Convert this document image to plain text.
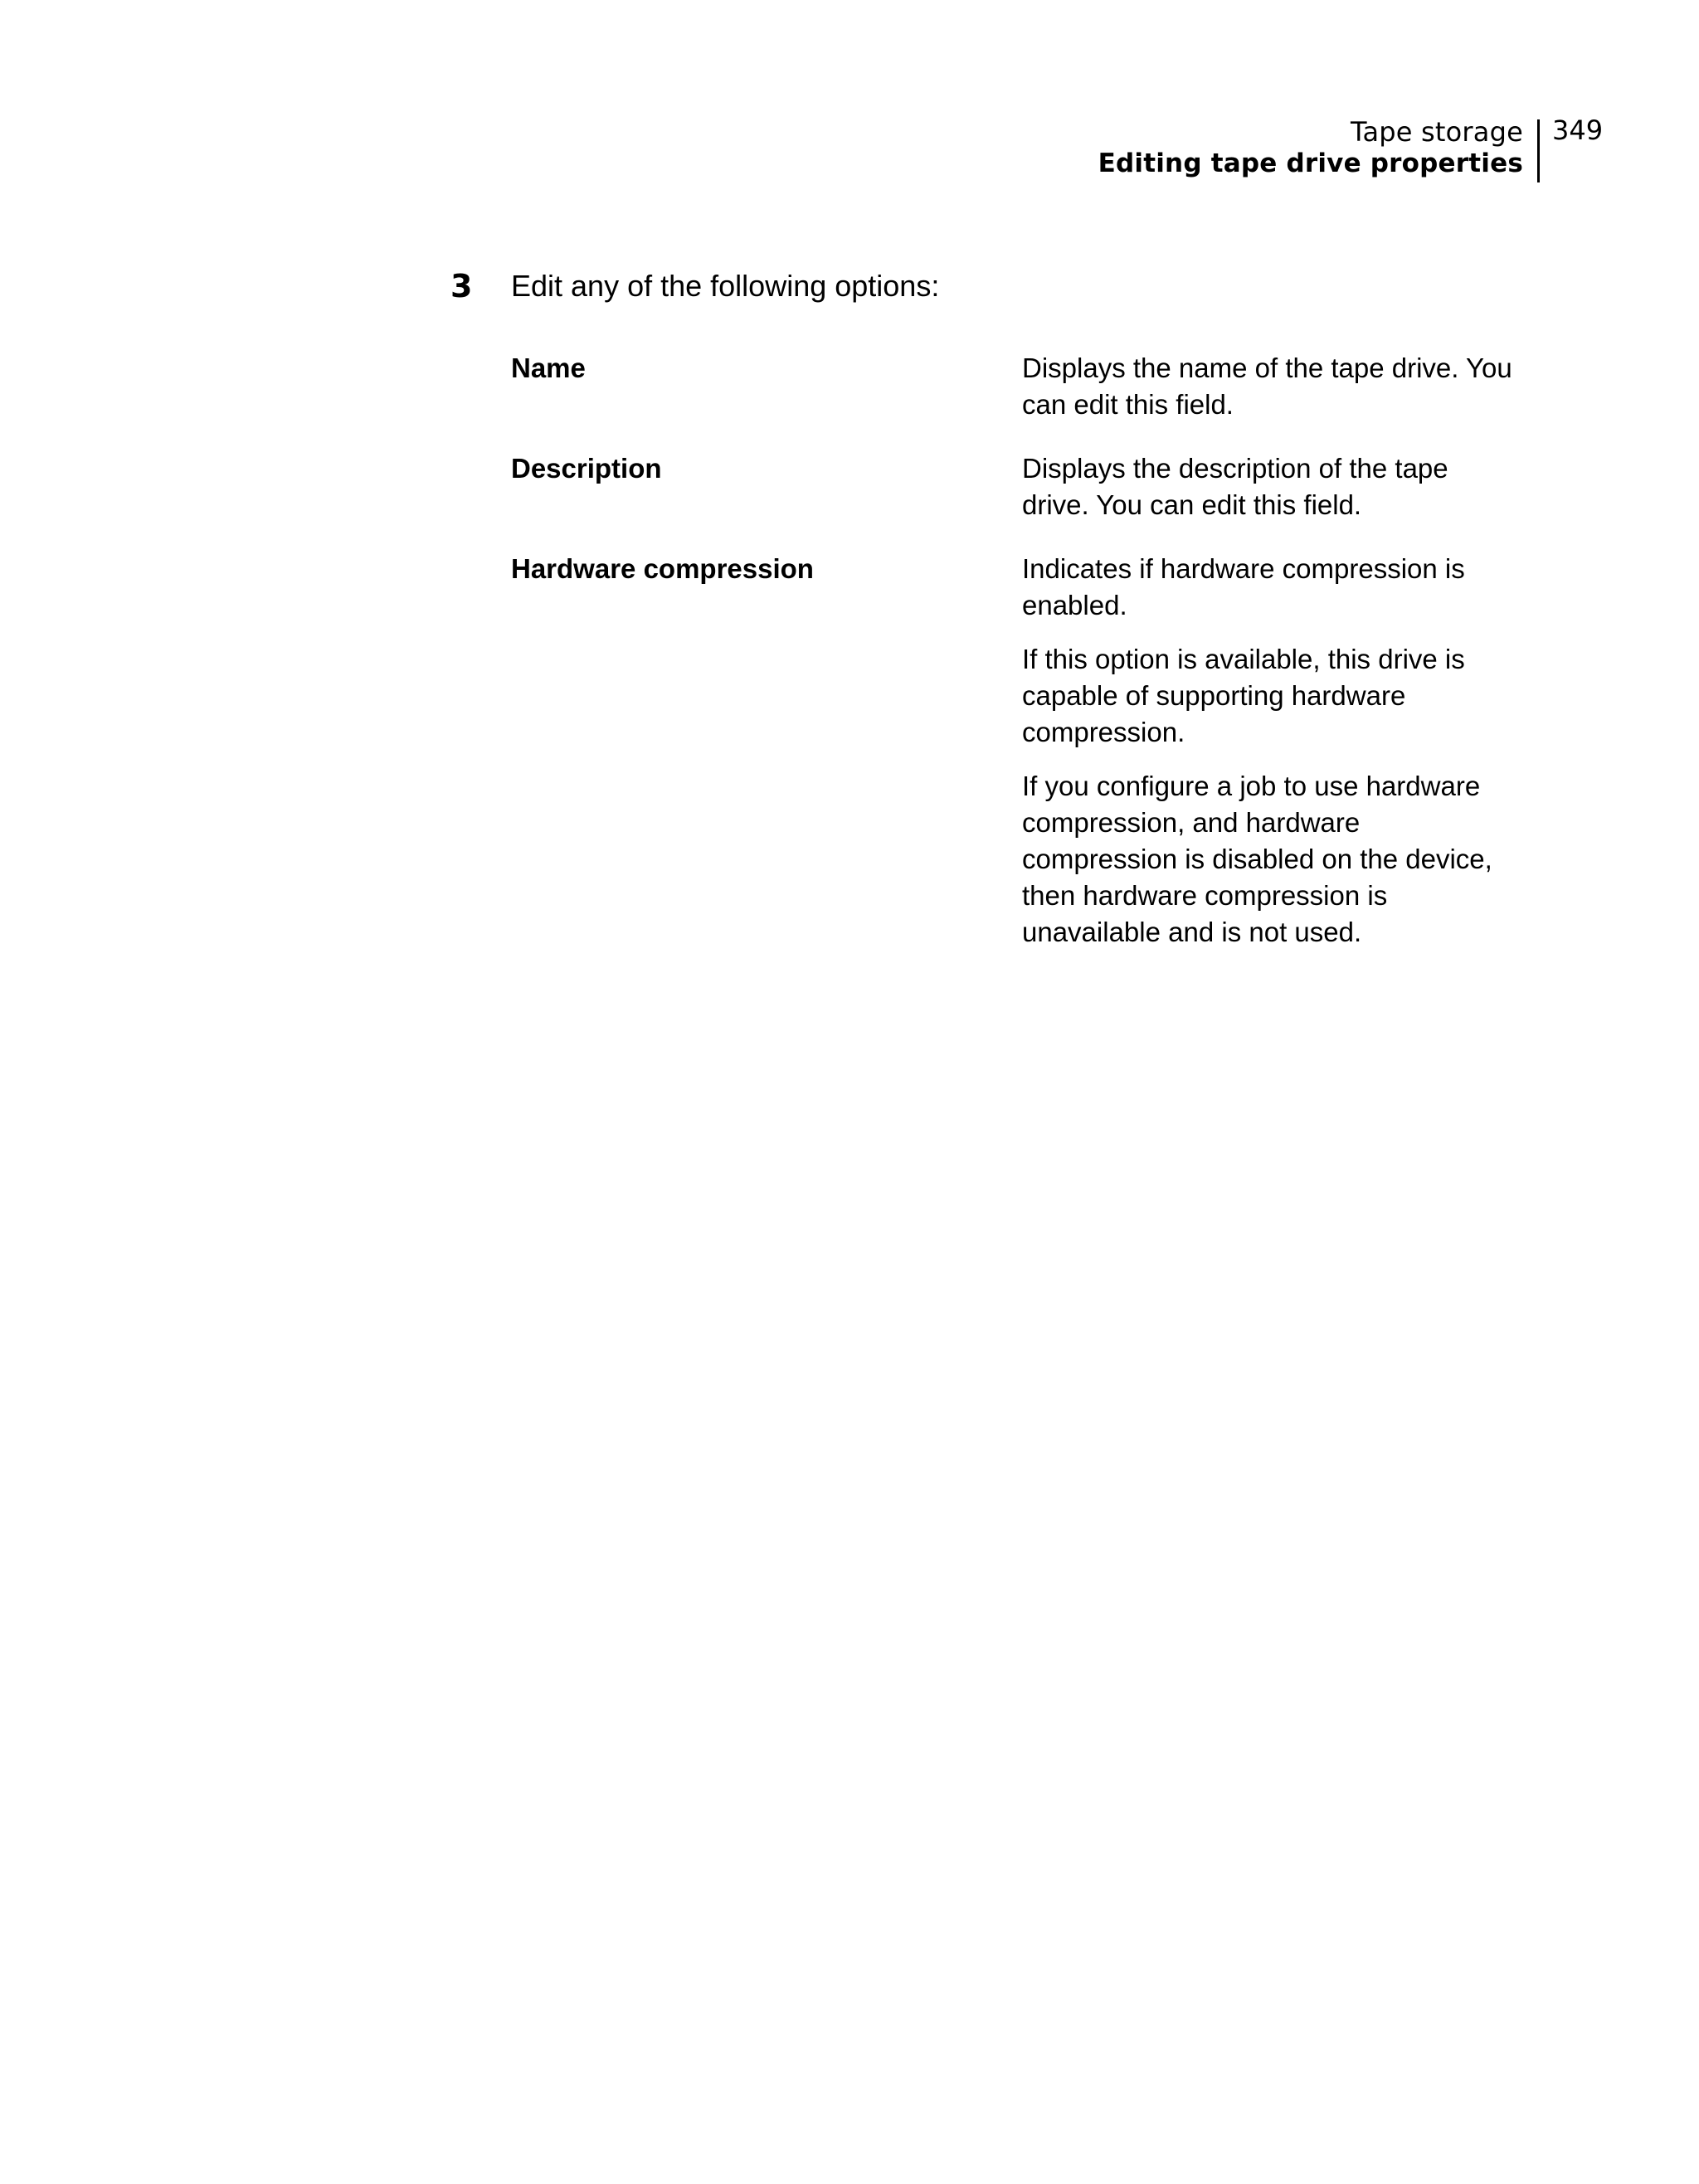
Tape storage
Editing tape drive properties
349
3 Edit any of the following options:
Name	Displays the name of the tape drive. You can edit this field.

Description	Displays the description of the tape drive. You can edit this field.

Hardware compression	Indicates if hardware compression is enabled.

If this option is available, this drive is capable of supporting hardware compression.

If you configure a job to use hardware compression, and hardware compression is disabled on the device, then hardware compression is unavailable and is not used.
